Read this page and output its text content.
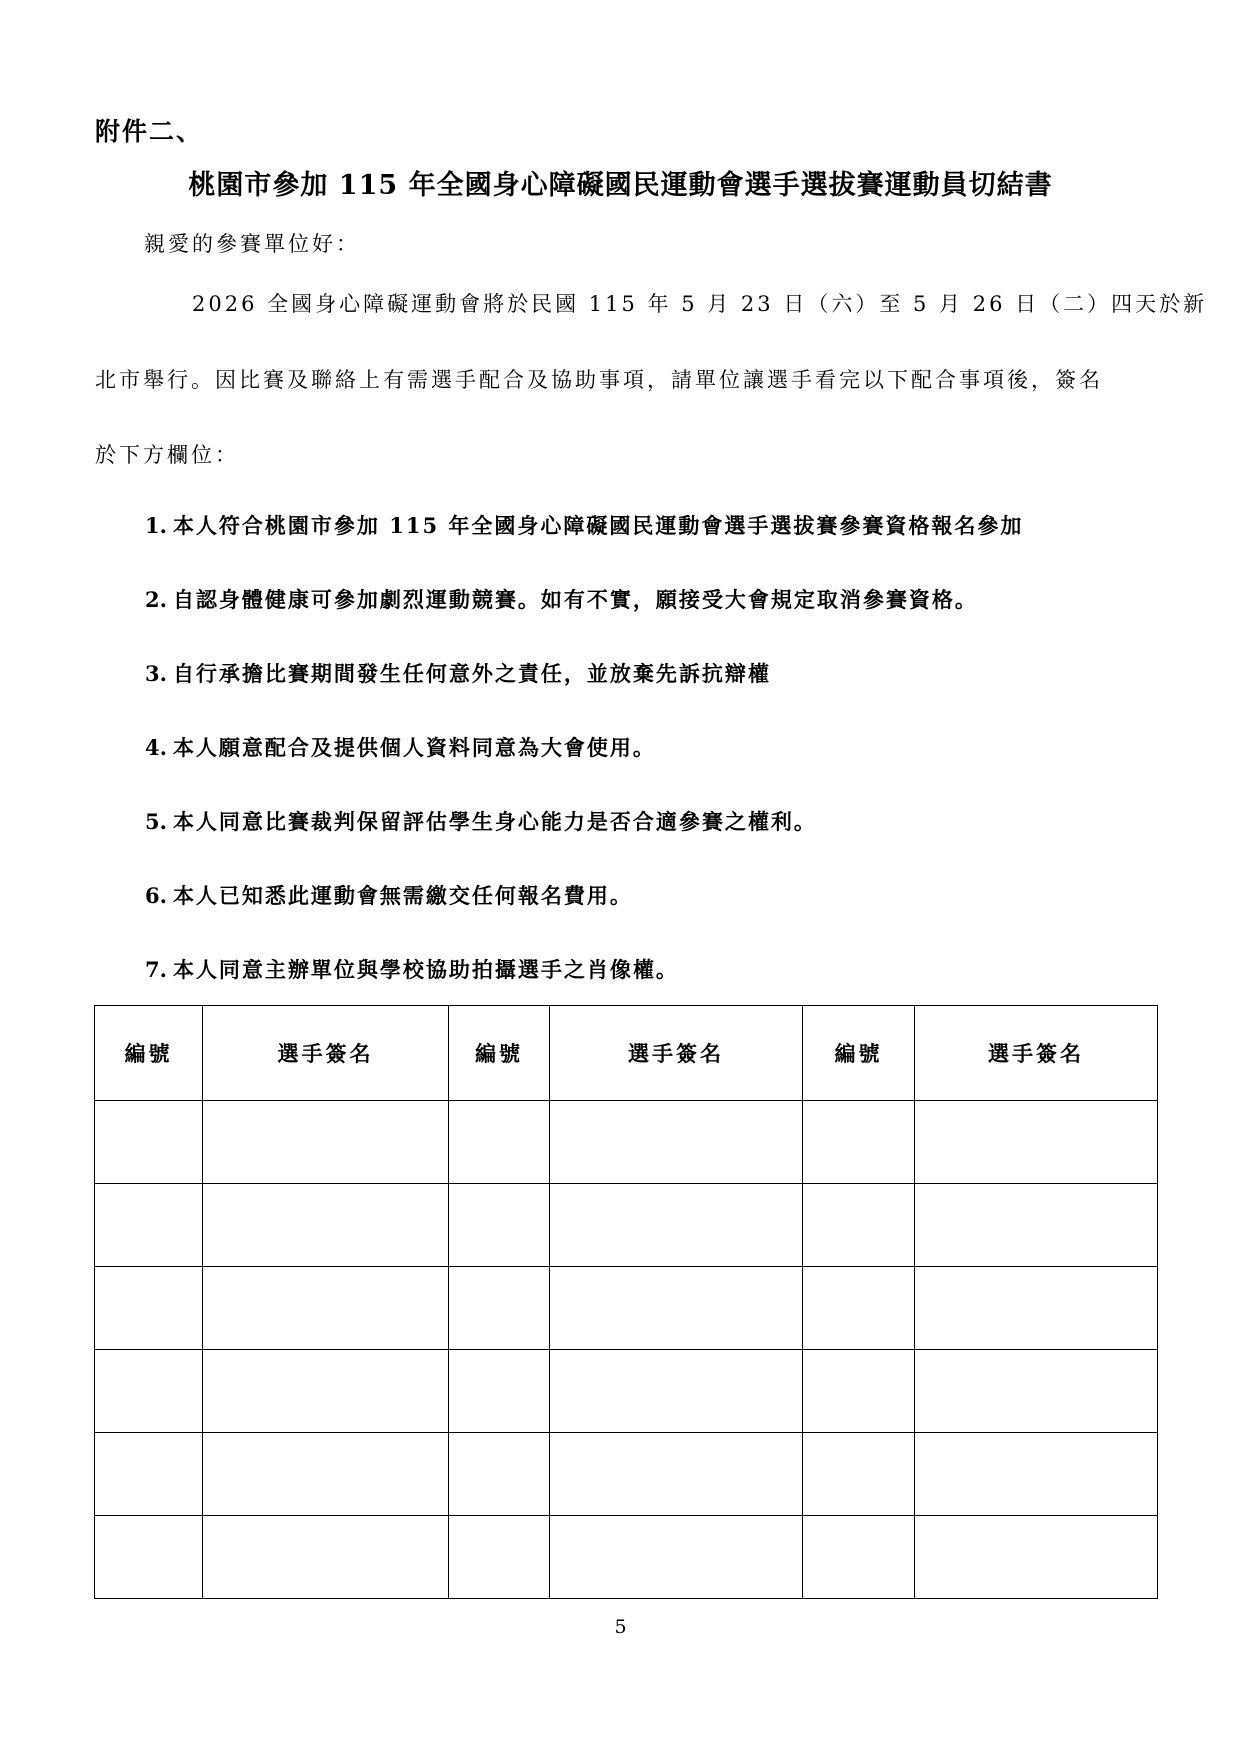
附件二、
桃園市參加 115 年全國身心障礙國民運動會選手選拔賽運動員切結書
親愛的參賽單位好：
2026 全國身心障礙運動會將於民國 115 年 5 月 23 日（六）至 5 月 26 日（二）四天於新
北市舉行。因比賽及聯絡上有需選手配合及協助事項，請單位讓選手看完以下配合事項後，簽名
於下方欄位：
1. 本人符合桃園市參加 115 年全國身心障礙國民運動會選手選拔賽參賽資格報名參加
2. 自認身體健康可參加劇烈運動競賽。如有不實，願接受大會規定取消參賽資格。
3. 自行承擔比賽期間發生任何意外之責任，並放棄先訴抗辯權
4. 本人願意配合及提供個人資料同意為大會使用。
5. 本人同意比賽裁判保留評估學生身心能力是否合適參賽之權利。
6. 本人已知悉此運動會無需繳交任何報名費用。
7. 本人同意主辦單位與學校協助拍攝選手之肖像權。
編號	選手簽名	編號	選手簽名	編號	選手簽名

5
